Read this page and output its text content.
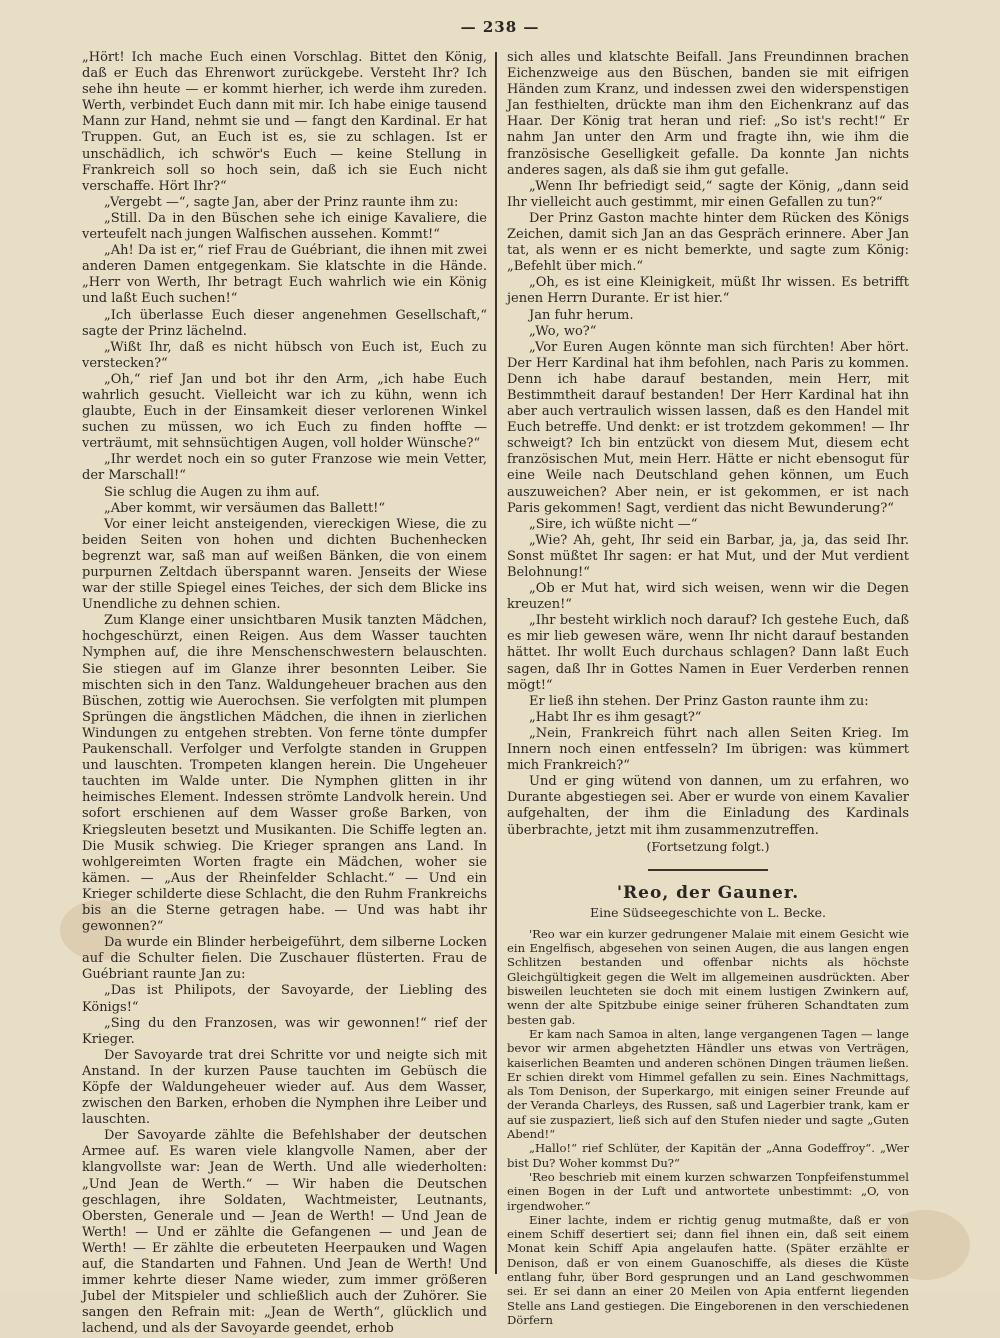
— 238 —

„Hört! Ich mache Euch einen Vorschlag. Bittet den König, daß er Euch das Ehrenwort zurückgebe. Versteht Ihr? Ich sehe ihn heute — er kommt hierher, ich werde ihm zureden. Werth, verbindet Euch dann mit mir. Ich habe einige tausend Mann zur Hand, nehmt sie und — fangt den Kardinal. Er hat Truppen. Gut, an Euch ist es, sie zu schlagen. Ist er unschädlich, ich schwör's Euch — keine Stellung in Frankreich soll so hoch sein, daß ich sie Euch nicht verschaffe. Hört Ihr?“

„Vergebt —“, sagte Jan, aber der Prinz raunte ihm zu:

„Still. Da in den Büschen sehe ich einige Kavaliere, die verteufelt nach jungen Walfischen aussehen. Kommt!“

„Ah! Da ist er,“ rief Frau de Guébriant, die ihnen mit zwei anderen Damen entgegenkam. Sie klatschte in die Hände. „Herr von Werth, Ihr betragt Euch wahrlich wie ein König und laßt Euch suchen!“

„Ich überlasse Euch dieser angenehmen Gesellschaft,“ sagte der Prinz lächelnd.

„Wißt Ihr, daß es nicht hübsch von Euch ist, Euch zu verstecken?“

„Oh,“ rief Jan und bot ihr den Arm, „ich habe Euch wahrlich gesucht. Vielleicht war ich zu kühn, wenn ich glaubte, Euch in der Einsamkeit dieser verlorenen Winkel suchen zu müssen, wo ich Euch zu finden hoffte — verträumt, mit sehnsüchtigen Augen, voll holder Wünsche?“

„Ihr werdet noch ein so guter Franzose wie mein Vetter, der Marschall!“

Sie schlug die Augen zu ihm auf.

„Aber kommt, wir versäumen das Ballett!“

Vor einer leicht ansteigenden, viereckigen Wiese, die zu beiden Seiten von hohen und dichten Buchenhecken begrenzt war, saß man auf weißen Bänken, die von einem purpurnen Zeltdach überspannt waren. Jenseits der Wiese war der stille Spiegel eines Teiches, der sich dem Blicke ins Unendliche zu dehnen schien.

Zum Klange einer unsichtbaren Musik tanzten Mädchen, hochgeschürzt, einen Reigen. Aus dem Wasser tauchten Nymphen auf, die ihre Menschenschwestern belauschten. Sie stiegen auf im Glanze ihrer besonnten Leiber. Sie mischten sich in den Tanz. Waldungeheuer brachen aus den Büschen, zottig wie Auerochsen. Sie verfolgten mit plumpen Sprüngen die ängstlichen Mädchen, die ihnen in zierlichen Windungen zu entgehen strebten. Von ferne tönte dumpfer Paukenschall. Verfolger und Verfolgte standen in Gruppen und lauschten. Trompeten klangen herein. Die Ungeheuer tauchten im Walde unter. Die Nymphen glitten in ihr heimisches Element. Indessen strömte Landvolk herein. Und sofort erschienen auf dem Wasser große Barken, von Kriegsleuten besetzt und Musikanten. Die Schiffe legten an. Die Musik schwieg. Die Krieger sprangen ans Land. In wohlgereimten Worten fragte ein Mädchen, woher sie kämen. — „Aus der Rheinfelder Schlacht.“ — Und ein Krieger schilderte diese Schlacht, die den Ruhm Frankreichs bis an die Sterne getragen habe. — Und was habt ihr gewonnen?“

Da wurde ein Blinder herbeigeführt, dem silberne Locken auf die Schulter fielen. Die Zuschauer flüsterten. Frau de Guébriant raunte Jan zu:

„Das ist Philipots, der Savoyarde, der Liebling des Königs!“

„Sing du den Franzosen, was wir gewonnen!“ rief der Krieger.

Der Savoyarde trat drei Schritte vor und neigte sich mit Anstand. In der kurzen Pause tauchten im Gebüsch die Köpfe der Waldungeheuer wieder auf. Aus dem Wasser, zwischen den Barken, erhoben die Nymphen ihre Leiber und lauschten.

Der Savoyarde zählte die Befehlshaber der deutschen Armee auf. Es waren viele klangvolle Namen, aber der klangvollste war: Jean de Werth. Und alle wiederholten: „Und Jean de Werth.“ — Wir haben die Deutschen geschlagen, ihre Soldaten, Wachtmeister, Leutnants, Obersten, Generale und — Jean de Werth! — Und Jean de Werth! — Und er zählte die Gefangenen — und Jean de Werth! — Er zählte die erbeuteten Heerpauken und Wagen auf, die Standarten und Fahnen. Und Jean de Werth! Und immer kehrte dieser Name wieder, zum immer größeren Jubel der Mitspieler und schließlich auch der Zuhörer. Sie sangen den Refrain mit: „Jean de Werth“, glücklich und lachend, und als der Savoyarde geendet, erhob

sich alles und klatschte Beifall. Jans Freundinnen brachen Eichenzweige aus den Büschen, banden sie mit eifrigen Händen zum Kranz, und indessen zwei den widerspenstigen Jan festhielten, drückte man ihm den Eichenkranz auf das Haar. Der König trat heran und rief: „So ist's recht!“ Er nahm Jan unter den Arm und fragte ihn, wie ihm die französische Geselligkeit gefalle. Da konnte Jan nichts anderes sagen, als daß sie ihm gut gefalle.

„Wenn Ihr befriedigt seid,“ sagte der König, „dann seid Ihr vielleicht auch gestimmt, mir einen Gefallen zu tun?“

Der Prinz Gaston machte hinter dem Rücken des Königs Zeichen, damit sich Jan an das Gespräch erinnere. Aber Jan tat, als wenn er es nicht bemerkte, und sagte zum König: „Befehlt über mich.“

„Oh, es ist eine Kleinigkeit, müßt Ihr wissen. Es betrifft jenen Herrn Durante. Er ist hier.“

Jan fuhr herum.

„Wo, wo?“

„Vor Euren Augen könnte man sich fürchten! Aber hört. Der Herr Kardinal hat ihm befohlen, nach Paris zu kommen. Denn ich habe darauf bestanden, mein Herr, mit Bestimmtheit darauf bestanden! Der Herr Kardinal hat ihn aber auch vertraulich wissen lassen, daß es den Handel mit Euch betreffe. Und denkt: er ist trotzdem gekommen! — Ihr schweigt? Ich bin entzückt von diesem Mut, diesem echt französischen Mut, mein Herr. Hätte er nicht ebensogut für eine Weile nach Deutschland gehen können, um Euch auszuweichen? Aber nein, er ist gekommen, er ist nach Paris gekommen! Sagt, verdient das nicht Bewunderung?“

„Sire, ich wüßte nicht —“

„Wie? Ah, geht, Ihr seid ein Barbar, ja, ja, das seid Ihr. Sonst müßtet Ihr sagen: er hat Mut, und der Mut verdient Belohnung!“

„Ob er Mut hat, wird sich weisen, wenn wir die Degen kreuzen!“

„Ihr besteht wirklich noch darauf? Ich gestehe Euch, daß es mir lieb gewesen wäre, wenn Ihr nicht darauf bestanden hättet. Ihr wollt Euch durchaus schlagen? Dann laßt Euch sagen, daß Ihr in Gottes Namen in Euer Verderben rennen mögt!“

Er ließ ihn stehen. Der Prinz Gaston raunte ihm zu:

„Habt Ihr es ihm gesagt?“

„Nein, Frankreich führt nach allen Seiten Krieg. Im Innern noch einen entfesseln? Im übrigen: was kümmert mich Frankreich?“

Und er ging wütend von dannen, um zu erfahren, wo Durante abgestiegen sei. Aber er wurde von einem Kavalier aufgehalten, der ihm die Einladung des Kardinals überbrachte, jetzt mit ihm zusammenzutreffen.

(Fortsetzung folgt.)

'Reo, der Gauner.
Eine Südseegeschichte von L. Becke.

'Reo war ein kurzer gedrungener Malaie mit einem Gesicht wie ein Engelfisch, abgesehen von seinen Augen, die aus langen engen Schlitzen bestanden und offenbar nichts als höchste Gleichgültigkeit gegen die Welt im allgemeinen ausdrückten. Aber bisweilen leuchteten sie doch mit einem lustigen Zwinkern auf, wenn der alte Spitzbube einige seiner früheren Schandtaten zum besten gab.

Er kam nach Samoa in alten, lange vergangenen Tagen — lange bevor wir armen abgehetzten Händler uns etwas von Verträgen, kaiserlichen Beamten und anderen schönen Dingen träumen ließen. Er schien direkt vom Himmel gefallen zu sein. Eines Nachmittags, als Tom Denison, der Superkargo, mit einigen seiner Freunde auf der Veranda Charleys, des Russen, saß und Lagerbier trank, kam er auf sie zuspaziert, ließ sich auf den Stufen nieder und sagte „Guten Abend!“

„Hallo!“ rief Schlüter, der Kapitän der „Anna Godeffroy“. „Wer bist Du? Woher kommst Du?“

'Reo beschrieb mit einem kurzen schwarzen Tonpfeifenstummel einen Bogen in der Luft und antwortete unbestimmt: „O, von irgendwoher.“

Einer lachte, indem er richtig genug mutmaßte, daß er von einem Schiff desertiert sei; dann fiel ihnen ein, daß seit einem Monat kein Schiff Apia angelaufen hatte. (Später erzählte er Denison, daß er von einem Guanoschiffe, als dieses die Küste entlang fuhr, über Bord gesprungen und an Land geschwommen sei. Er sei dann an einer 20 Meilen von Apia entfernt liegenden Stelle ans Land gestiegen. Die Eingeborenen in den verschiedenen Dörfern
